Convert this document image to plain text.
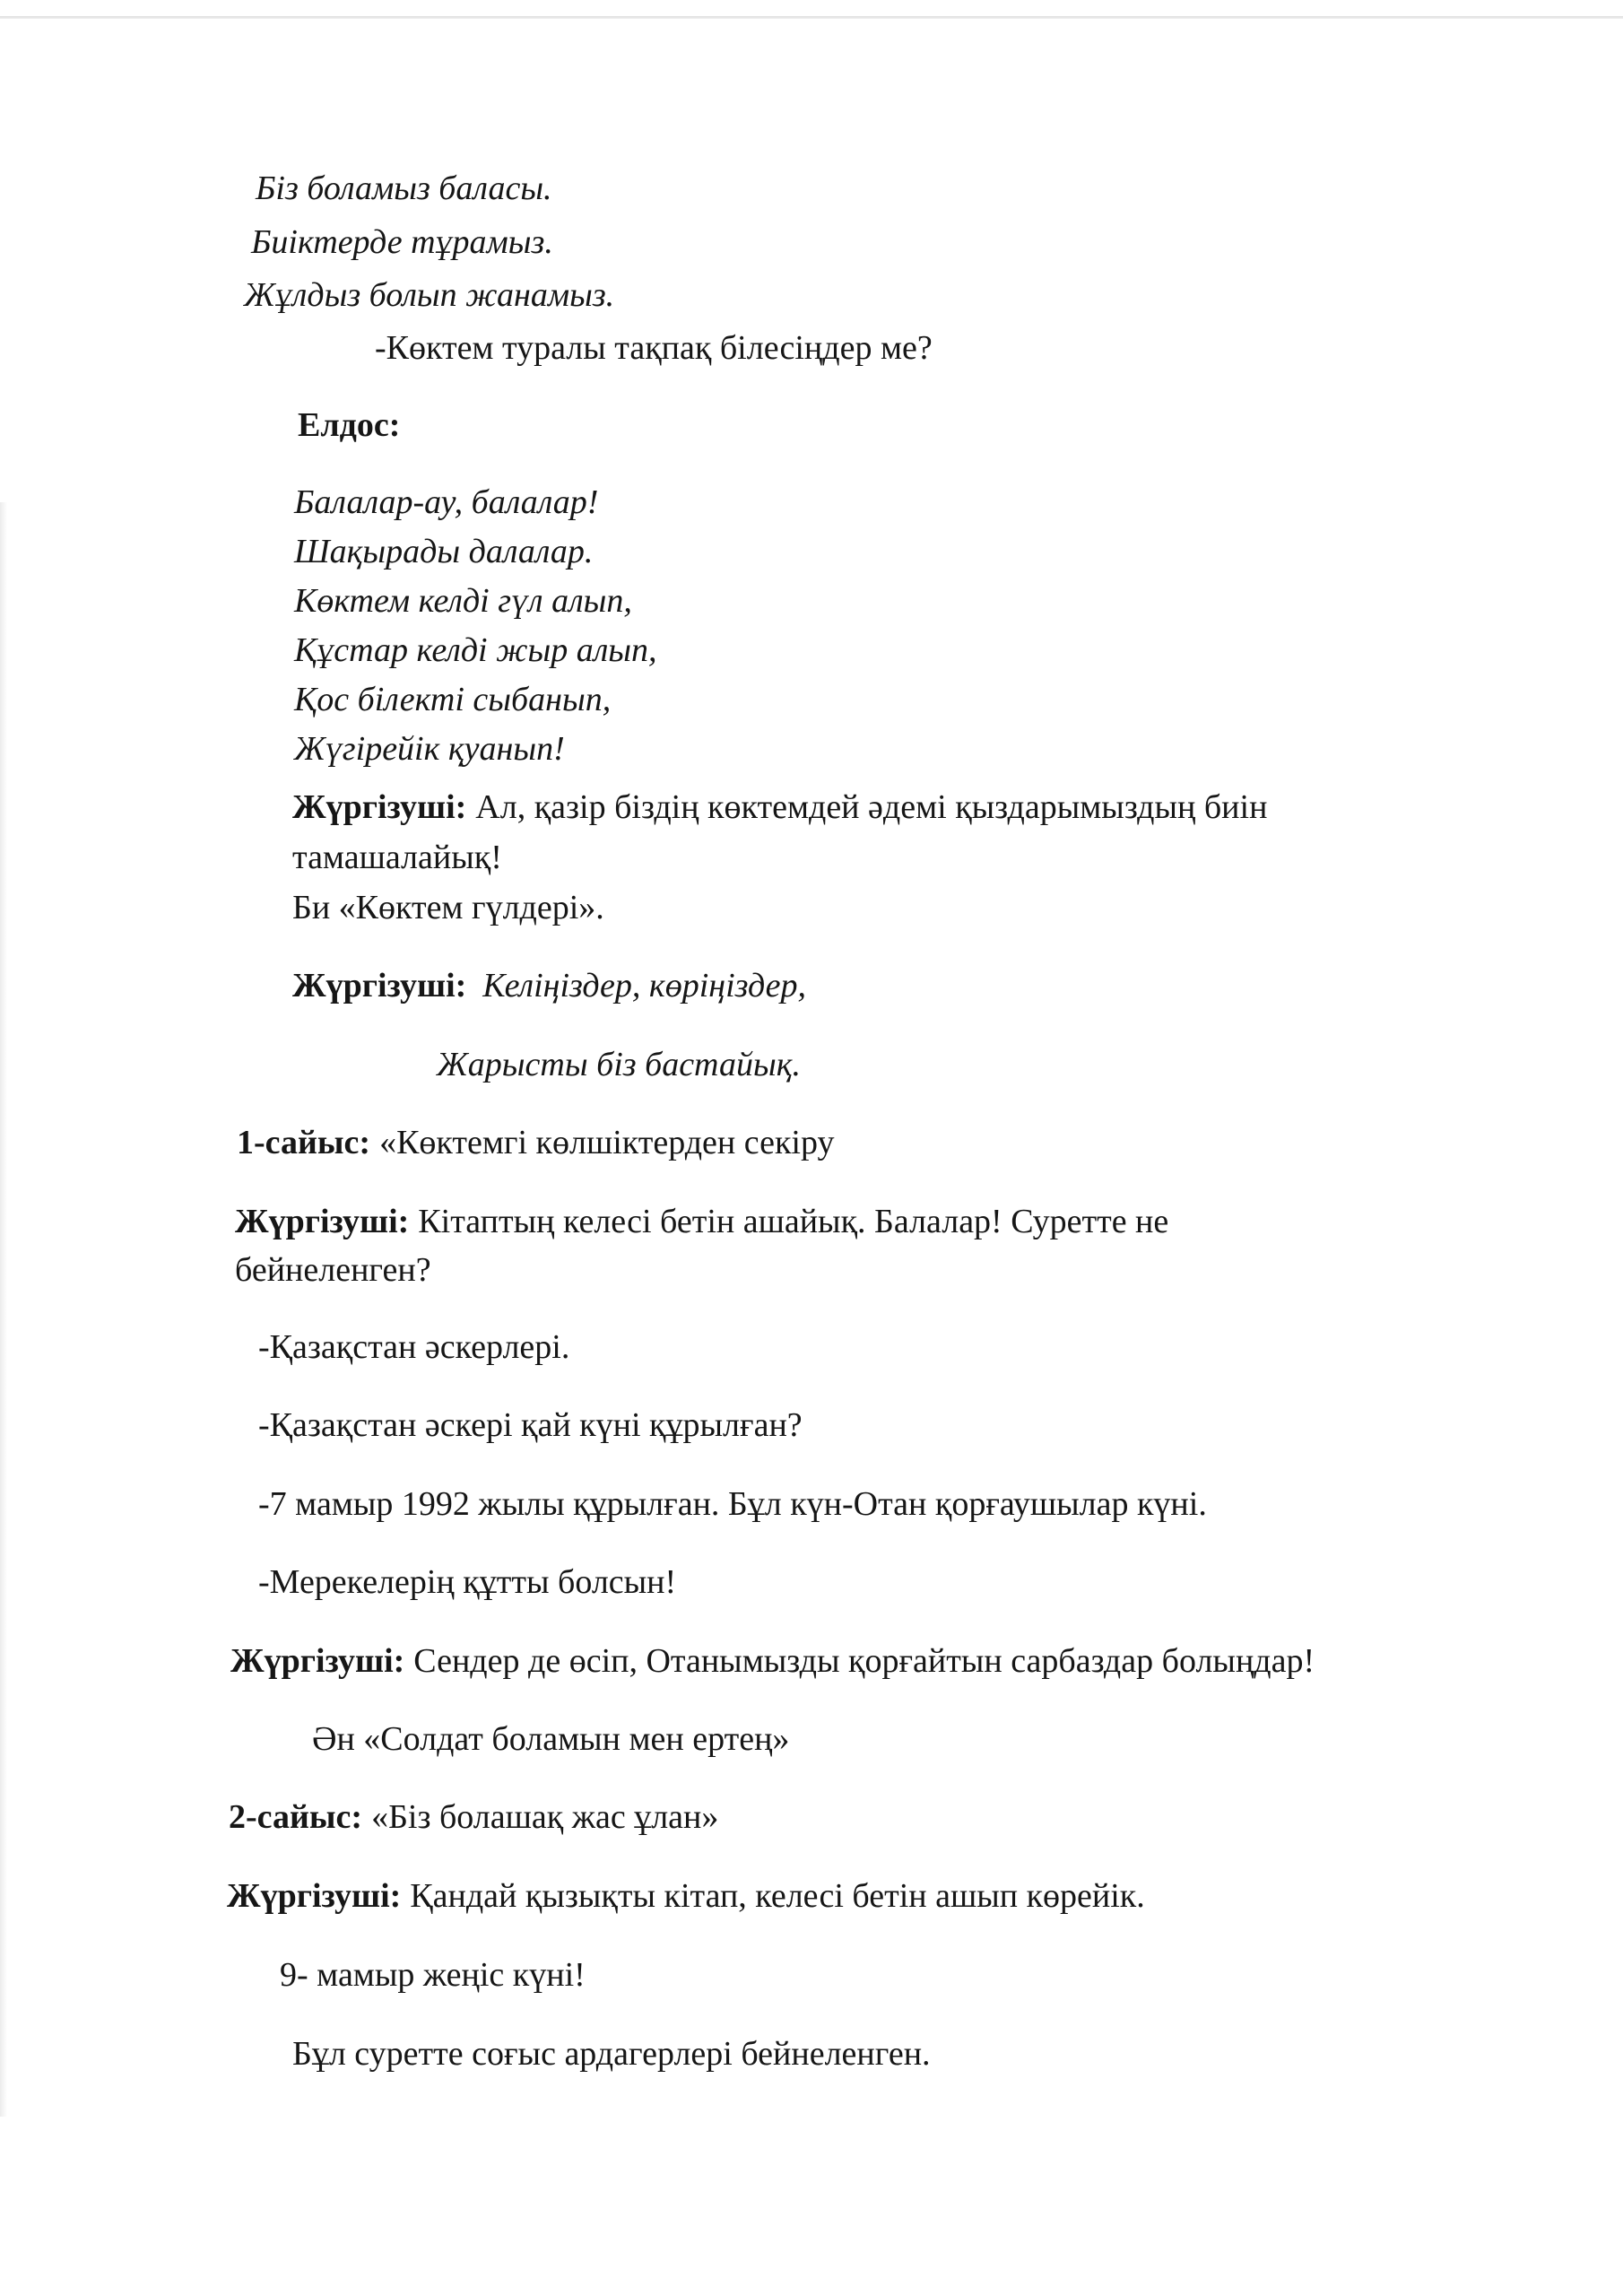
Біз боламыз баласы.
Биіктерде тұрамыз.
Жұлдыз болып жанамыз.
-Көктем туралы тақпақ білесіңдер ме?
Елдос:
Балалар-ау, балалар!
Шақырады далалар.
Көктем келді гүл алып,
Құстар келді жыр алып,
Қос білекті сыбанып,
Жүгірейік қуанып!
Жүргізуші: Ал, қазір біздің көктемдей әдемі қыздарымыздың биін
тамашалайық!
Би «Көктем гүлдері».
Жүргізуші: Келіңіздер, көріңіздер,
Жарысты біз бастайық.
1-сайыс: «Көктемгі көлшіктерден секіру
Жүргізуші: Кітаптың келесі бетін ашайық. Балалар! Суретте не
бейнеленген?
-Қазақстан әскерлері.
-Қазақстан әскері қай күні құрылған?
-7 мамыр 1992 жылы құрылған. Бұл күн-Отан қорғаушылар күні.
-Мерекелерің құтты болсын!
Жүргізуші: Сендер де өсіп, Отанымызды қорғайтын сарбаздар болыңдар!
Ән «Солдат боламын мен ертең»
2-сайыс: «Біз болашақ жас ұлан»
Жүргізуші: Қандай қызықты кітап, келесі бетін ашып көрейік.
9- мамыр жеңіс күні!
Бұл суретте соғыс ардагерлері бейнеленген.
